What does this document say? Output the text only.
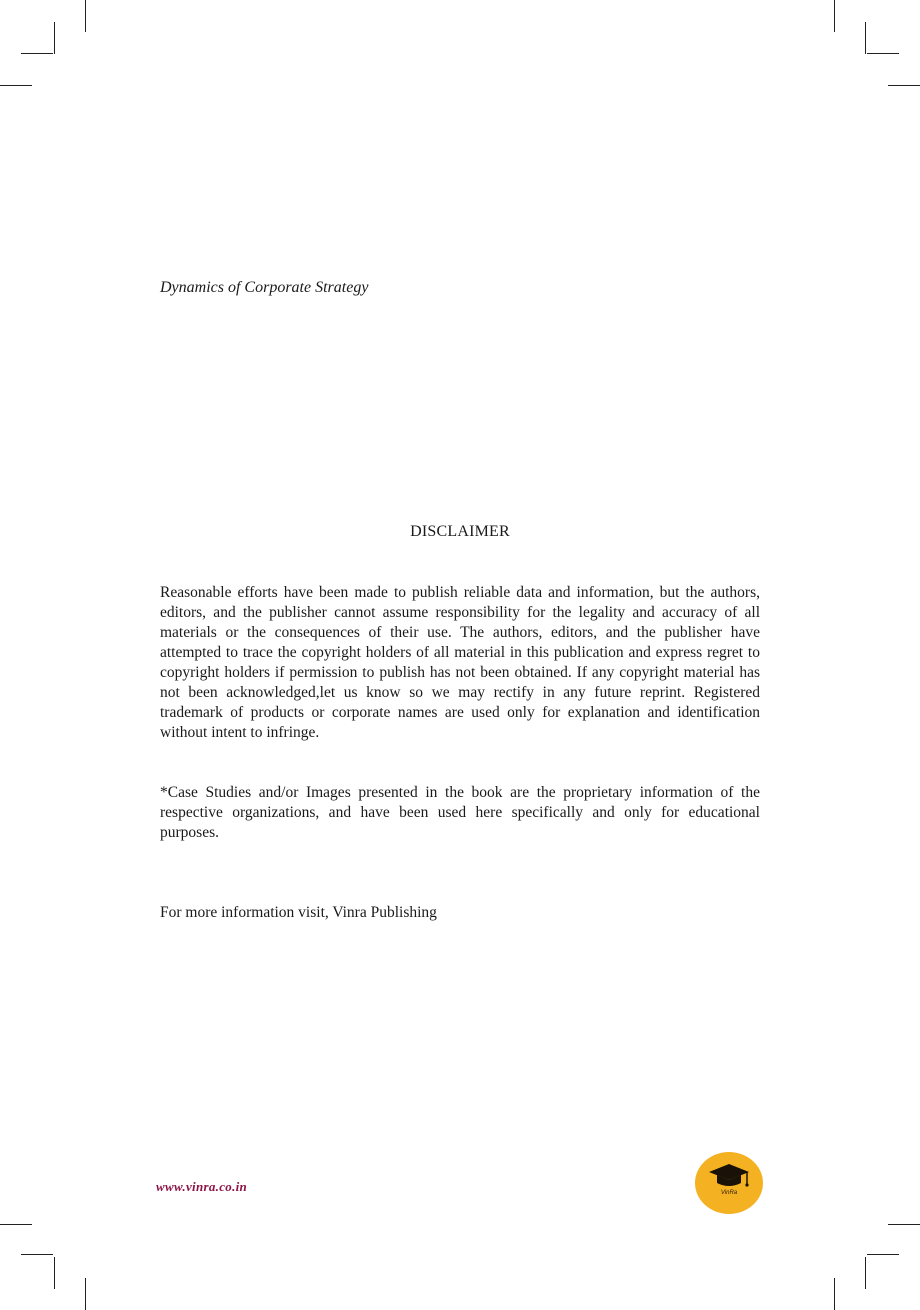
Dynamics of Corporate Strategy

DISCLAIMER

Reasonable efforts have been made to publish reliable data and information, but the authors, editors, and the publisher cannot assume responsibility for the legality and accuracy of all materials or the consequences of their use. The authors, editors, and the publisher have attempted to trace the copyright holders of all material in this publication and express regret to copyright holders if permission to publish has not been obtained. If any copyright material has not been acknowledged,let us know so we may rectify in any future reprint. Registered trademark of products or corporate names are used only for explanation and identification without intent to infringe.

*Case Studies and/or Images presented in the book are the proprietary information of the respective organizations, and have been used here specifically and only for educational purposes.

For more information visit, Vinra Publishing

www.vinra.co.in	VinRa
